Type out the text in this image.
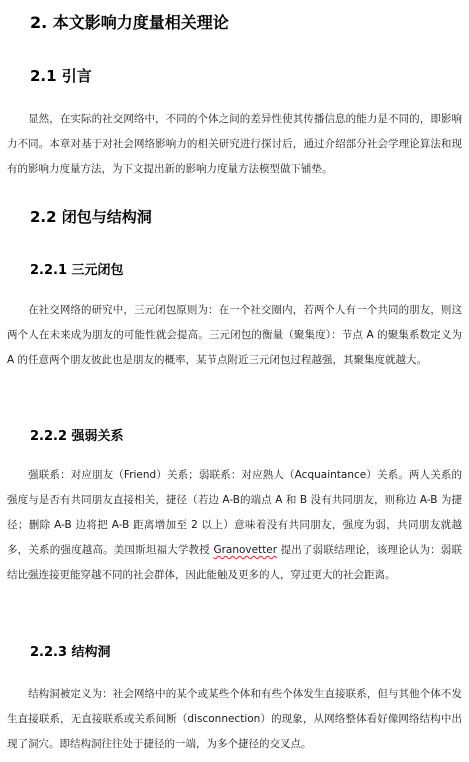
2. 本文影响力度量相关理论
2.1 引言
显然，在实际的社交网络中，不同的个体之间的差异性使其传播信息的能力是不同的，即影响力不同。本章对基于对社会网络影响力的相关研究进行探讨后，通过介绍部分社会学理论算法和现有的影响力度量方法，为下文提出新的影响力度量方法模型做下铺垫。
2.2 闭包与结构洞
2.2.1 三元闭包
在社交网络的研究中，三元闭包原则为：在一个社交圈内，若两个人有一个共同的朋友，则这两个人在未来成为朋友的可能性就会提高。三元闭包的衡量（聚集度）：节点 A 的聚集系数定义为 A 的任意两个朋友彼此也是朋友的概率，某节点附近三元闭包过程越强，其聚集度就越大。
2.2.2 强弱关系
强联系：对应朋友（Friend）关系；弱联系：对应熟人（Acquaintance）关系。两人关系的强度与是否有共同朋友直接相关，捷径（若边 A-B的端点 A 和 B 没有共同朋友，则称边 A-B 为捷径；删除 A-B 边将把 A-B 距离增加至 2 以上）意味着没有共同朋友，强度为弱，共同朋友就越多，关系的强度越高。美国斯坦福大学教授 Granovetter 提出了弱联结理论，该理论认为：弱联结比强连接更能穿越不同的社会群体，因此能触及更多的人，穿过更大的社会距离。
2.2.3 结构洞
结构洞被定义为：社会网络中的某个或某些个体和有些个体发生直接联系，但与其他个体不发生直接联系，无直接联系或关系间断（disconnection）的现象，从网络整体看好像网络结构中出现了洞穴。即结构洞往往处于捷径的一端，为多个捷径的交叉点。
